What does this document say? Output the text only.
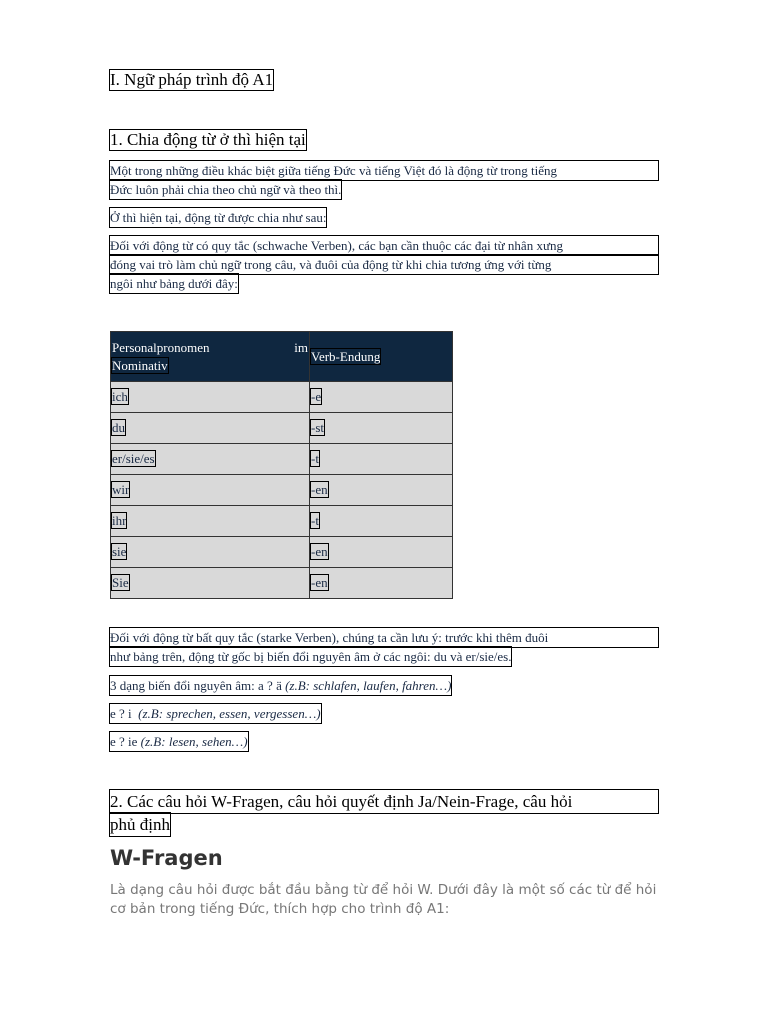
I. Ngữ pháp trình độ A1
1. Chia động từ ở thì hiện tại
Một trong những điều khác biệt giữa tiếng Đức và tiếng Việt đó là động từ trong tiếng
Đức luôn phải chia theo chủ ngữ và theo thì.
Ở thì hiện tại, động từ được chia như sau:
Đối với động từ có quy tắc (schwache Verben), các bạn cần thuộc các đại từ nhân xưng
đóng vai trò làm chủ ngữ trong câu, và đuôi của động từ khi chia tương ứng với từng
ngôi như bảng dưới đây:
Personalpronomen im
Nominativ	Verb-Endung
ich	-e
du	-st
er/sie/es	-t
wir	-en
ihr	-t
sie	-en
Sie	-en
Đối với động từ bất quy tắc (starke Verben), chúng ta cần lưu ý: trước khi thêm đuôi
như bảng trên, động từ gốc bị biến đổi nguyên âm ở các ngôi: du và er/sie/es.
3 dạng biến đổi nguyên âm: a ? ä (z.B: schlafen, laufen, fahren…)
e ? i  (z.B: sprechen, essen, vergessen…)
e ? ie (z.B: lesen, sehen…)
2. Các câu hỏi W-Fragen, câu hỏi quyết định Ja/Nein-Frage, câu hỏi
phủ định
W-Fragen
Là dạng câu hỏi được bắt đầu bằng từ để hỏi W. Dưới đây là một số các từ để hỏi cơ bản trong tiếng Đức, thích hợp cho trình độ A1:
